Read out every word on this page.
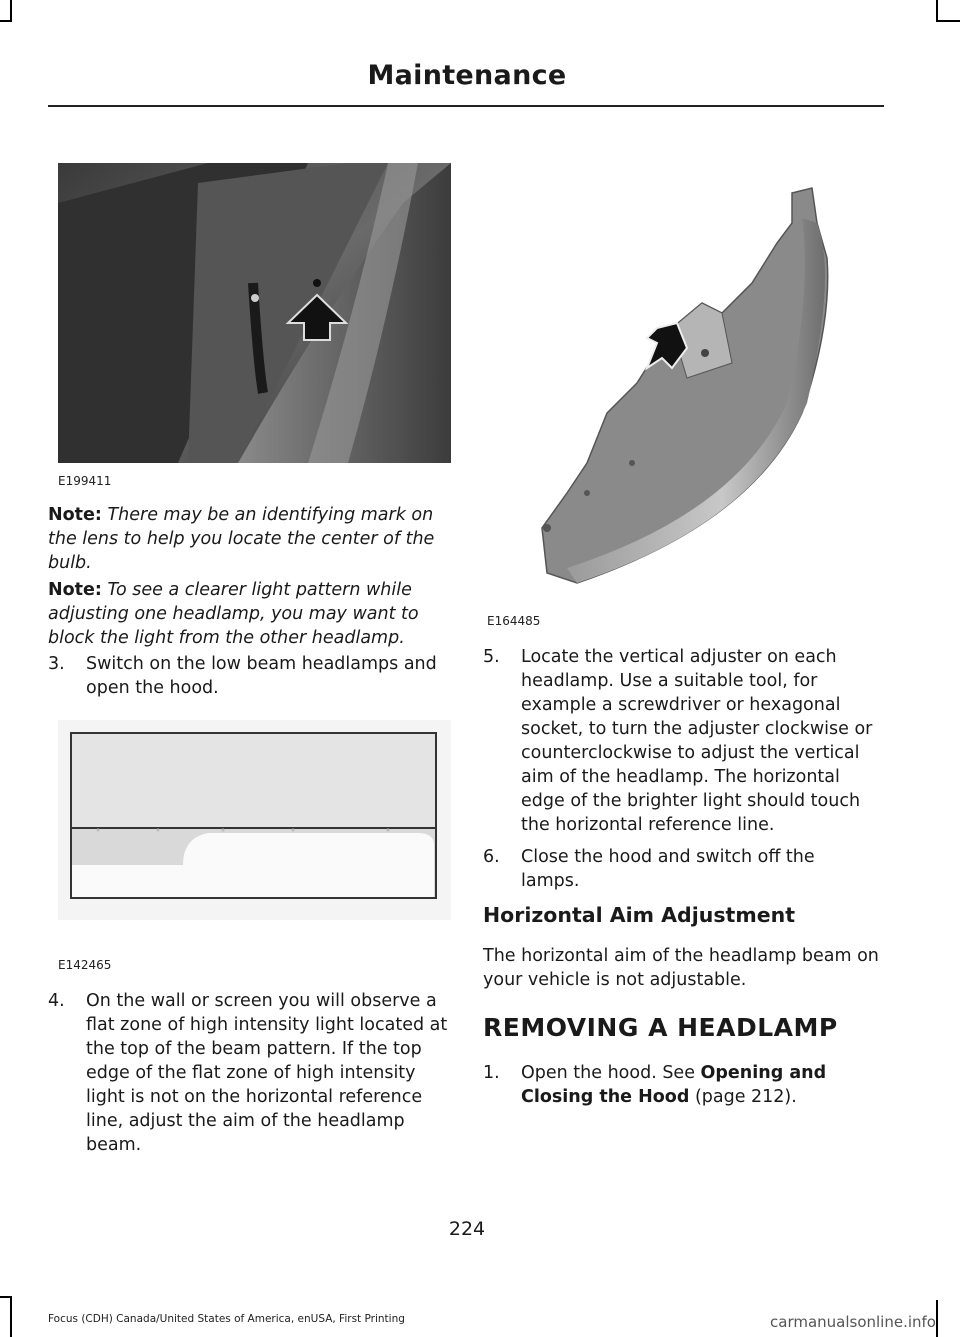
Maintenance
E199411
Note: There may be an identifying mark on the lens to help you locate the center of the bulb.
Note: To see a clearer light pattern while adjusting one headlamp, you may want to block the light from the other headlamp.
3. Switch on the low beam headlamps and open the hood.
E142465
4. On the wall or screen you will observe a flat zone of high intensity light located at the top of the beam pattern. If the top edge of the flat zone of high intensity light is not on the horizontal reference line, adjust the aim of the headlamp beam.
E164485
5. Locate the vertical adjuster on each headlamp. Use a suitable tool, for example a screwdriver or hexagonal socket, to turn the adjuster clockwise or counterclockwise to adjust the vertical aim of the headlamp. The horizontal edge of the brighter light should touch the horizontal reference line.
6. Close the hood and switch off the lamps.
Horizontal Aim Adjustment
The horizontal aim of the headlamp beam on your vehicle is not adjustable.
REMOVING A HEADLAMP
1. Open the hood. See Opening and Closing the Hood (page 212).
224
Focus (CDH) Canada/United States of America, enUSA, First Printing	carmanualsonline.info
